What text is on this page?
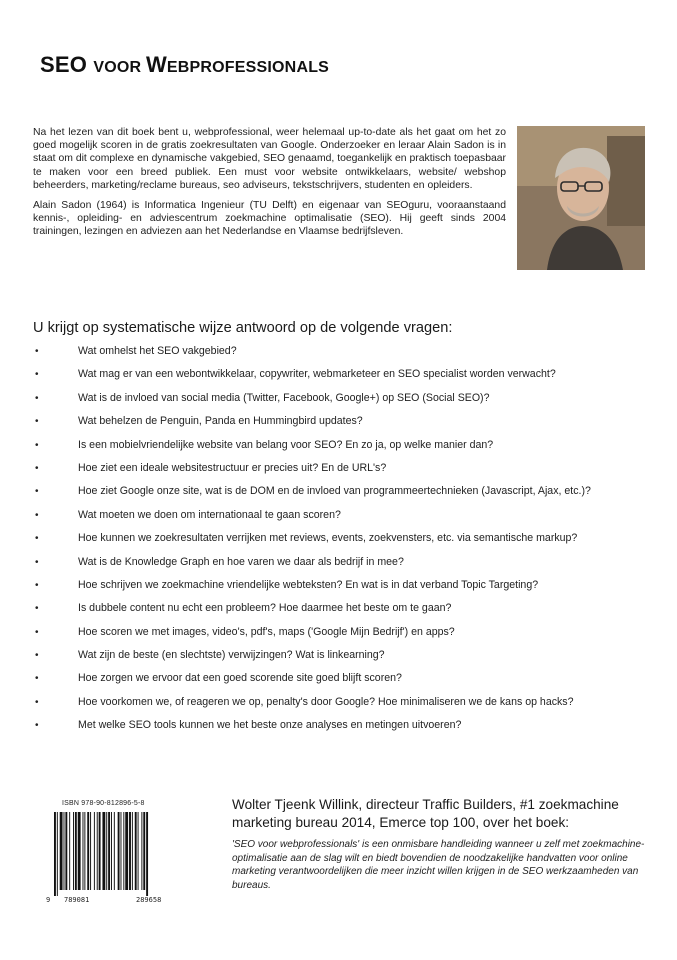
SEO VOOR WEBPROFESSIONALS

Na het lezen van dit boek bent u, webprofessional, weer helemaal up-to-date als het gaat om het zo goed mogelijk scoren in de gratis zoekresultaten van Google. Onderzoeker en leraar Alain Sadon is in staat om dit complexe en dynamische vakgebied, SEO genaamd, toegankelijk en praktisch toepasbaar te maken voor een breed publiek. Een must voor website ontwikkelaars, website/ webshop beheerders, marketing/reclame bureaus, seo adviseurs, tekstschrijvers, studenten en opleiders.

Alain Sadon (1964) is Informatica Ingenieur (TU Delft) en eigenaar van SEOguru, vooraanstaand kennis-, opleiding- en adviescentrum zoekmachine optimalisatie (SEO). Hij geeft sinds 2004 trainingen, lezingen en adviezen aan het Nederlandse en Vlaamse bedrijfsleven.

U krijgt op systematische wijze antwoord op de volgende vragen:
•	Wat omhelst het SEO vakgebied?
•	Wat mag er van een webontwikkelaar, copywriter, webmarketeer en SEO specialist worden verwacht?
•	Wat is de invloed van social media (Twitter, Facebook, Google+) op SEO (Social SEO)?
•	Wat behelzen de Penguin, Panda en Hummingbird updates?
•	Is een mobielvriendelijke website van belang voor SEO? En zo ja, op welke manier dan?
•	Hoe ziet een ideale websitestructuur er precies uit? En de URL's?
•	Hoe ziet Google onze site, wat is de DOM en de invloed van programmeertechnieken (Javascript, Ajax, etc.)?
•	Wat moeten we doen om internationaal te gaan scoren?
•	Hoe kunnen we zoekresultaten verrijken met reviews, events, zoekvensters, etc. via semantische markup?
•	Wat is de Knowledge Graph en hoe varen we daar als bedrijf in mee?
•	Hoe schrijven we zoekmachine vriendelijke webteksten? En wat is in dat verband Topic Targeting?
•	Is dubbele content nu echt een probleem? Hoe daarmee het beste om te gaan?
•	Hoe scoren we met images, video's, pdf's, maps ('Google Mijn Bedrijf') en apps?
•	Wat zijn de beste (en slechtste) verwijzingen? Wat is linkearning?
•	Hoe zorgen we ervoor dat een goed scorende site goed blijft scoren?
•	Hoe voorkomen we, of reageren we op, penalty's door Google? Hoe minimaliseren we de kans op hacks?
•	Met welke SEO tools kunnen we het beste onze analyses en metingen uitvoeren?
ISBN 978-90-812896-5-8
9 789081	289658
Wolter Tjeenk Willink, directeur Traffic Builders, #1 zoekmachine marketing bureau 2014, Emerce top 100, over het boek:
'SEO voor webprofessionals' is een onmisbare handleiding wanneer u zelf met zoekmachine-optimalisatie aan de slag wilt en biedt bovendien de noodzakelijke handvatten voor online marketing verantwoordelijken die meer inzicht willen krijgen in de SEO werkzaamheden van bureaus.
